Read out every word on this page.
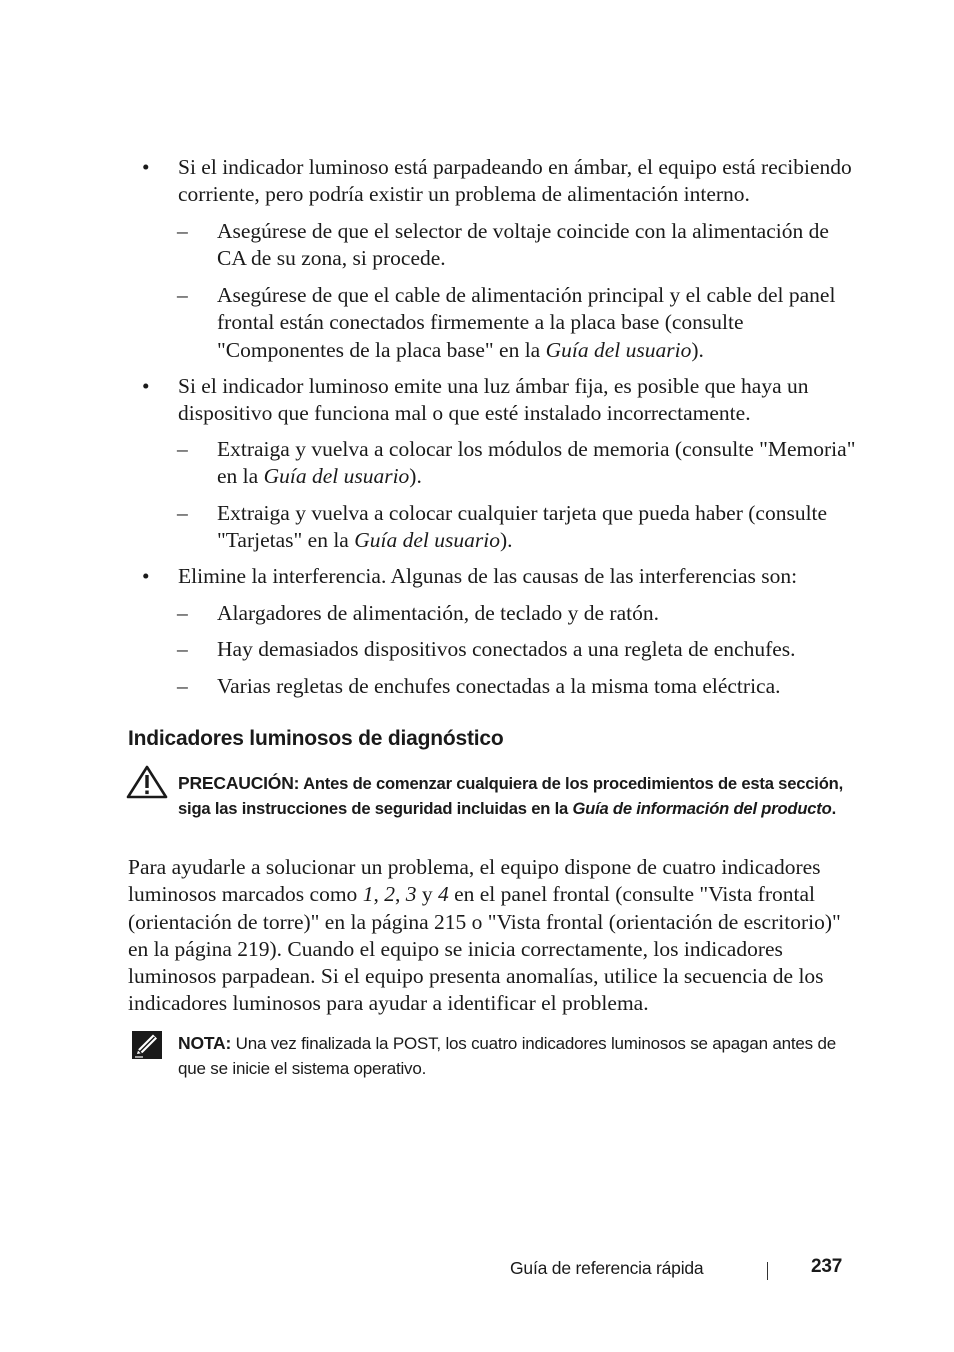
• Si el indicador luminoso está parpadeando en ámbar, el equipo está recibiendo corriente, pero podría existir un problema de alimentación interno.
– Asegúrese de que el selector de voltaje coincide con la alimentación de CA de su zona, si procede.
– Asegúrese de que el cable de alimentación principal y el cable del panel frontal están conectados firmemente a la placa base (consulte "Componentes de la placa base" en la Guía del usuario).
• Si el indicador luminoso emite una luz ámbar fija, es posible que haya un dispositivo que funciona mal o que esté instalado incorrectamente.
– Extraiga y vuelva a colocar los módulos de memoria (consulte "Memoria" en la Guía del usuario).
– Extraiga y vuelva a colocar cualquier tarjeta que pueda haber (consulte "Tarjetas" en la Guía del usuario).
• Elimine la interferencia. Algunas de las causas de las interferencias son:
– Alargadores de alimentación, de teclado y de ratón.
– Hay demasiados dispositivos conectados a una regleta de enchufes.
– Varias regletas de enchufes conectadas a la misma toma eléctrica.
Indicadores luminosos de diagnóstico
PRECAUCIÓN: Antes de comenzar cualquiera de los procedimientos de esta sección, siga las instrucciones de seguridad incluidas en la Guía de información del producto.
Para ayudarle a solucionar un problema, el equipo dispone de cuatro indicadores luminosos marcados como 1, 2, 3 y 4 en el panel frontal (consulte "Vista frontal (orientación de torre)" en la página 215 o "Vista frontal (orientación de escritorio)" en la página 219). Cuando el equipo se inicia correctamente, los indicadores luminosos parpadean. Si el equipo presenta anomalías, utilice la secuencia de los indicadores luminosos para ayudar a identificar el problema.
NOTA: Una vez finalizada la POST, los cuatro indicadores luminosos se apagan antes de que se inicie el sistema operativo.
Guía de referencia rápida	237
